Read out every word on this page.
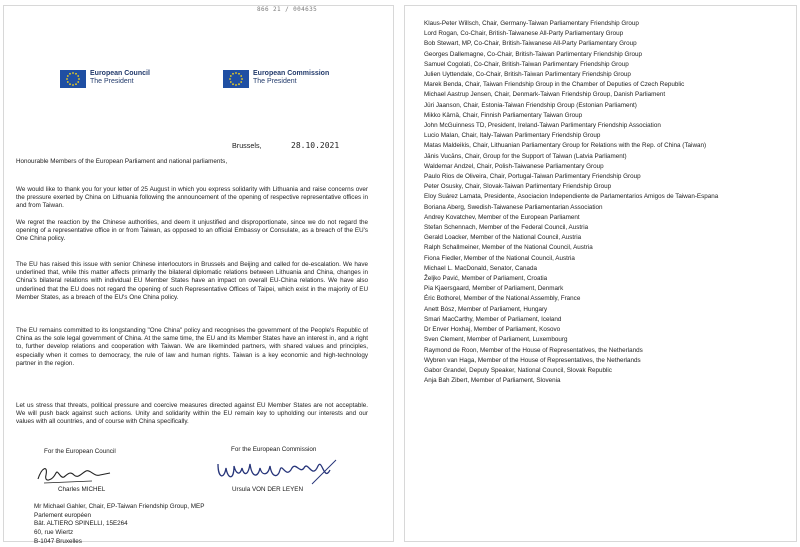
866 21 / 004635
European Council
The President
European Commission
The President
Brussels,	28.10.2021
Honourable Members of the European Parliament and national parliaments,
We would like to thank you for your letter of 25 August in which you express solidarity with Lithuania and raise concerns over the pressure exerted by China on Lithuania following the announcement of the opening of respective representative offices in and from Taiwan.
We regret the reaction by the Chinese authorities, and deem it unjustified and disproportionate, since we do not regard the opening of a representative office in or from Taiwan, as opposed to an official Embassy or Consulate, as a breach of the EU's One China policy.
The EU has raised this issue with senior Chinese interlocutors in Brussels and Beijing and called for de-escalation. We have underlined that, while this matter affects primarily the bilateral diplomatic relations between Lithuania and China, changes in China's bilateral relations with individual EU Member States have an impact on overall EU-China relations. We have also underlined that the EU does not regard the opening of such Representative Offices of Taipei, which exist in the majority of EU Member States, as a breach of the EU's One China policy.
The EU remains committed to its longstanding "One China" policy and recognises the government of the People's Republic of China as the sole legal government of China. At the same time, the EU and its Member States have an interest in, and a right to, further develop relations and cooperation with Taiwan. We are likeminded partners, with shared values and principles, especially when it comes to democracy, the rule of law and human rights. Taiwan is a key economic and high-technology partner in the region.
Let us stress that threats, political pressure and coercive measures directed against EU Member States are not acceptable. We will push back against such actions. Unity and solidarity within the EU remain key to upholding our interests and our values with all countries, and of course with China specifically.
For the European Council	For the European Commission
Charles MICHEL	Ursula VON DER LEYEN
Mr Michael Gahler, Chair, EP-Taiwan Friendship Group, MEP
Parlement européen
Bât. ALTIERO SPINELLI, 15E264
60, rue Wiertz
B-1047 Bruxelles
Klaus-Peter Willsch, Chair, Germany-Taiwan Parliamentary Friendship Group
Lord Rogan, Co-Chair, British-Taiwanese All-Party Parliamentary Group
Bob Stewart, MP, Co-Chair, British-Taiwanese All-Party Parliamentary Group
Georges Dallemagne, Co-Chair, British-Taiwan Parlimentary Friendship Group
Samuel Cogolati, Co-Chair, British-Taiwan Parlimentary Friendship Group
Julien Uyttendale, Co-Chair, British-Taiwan Parlimentary Friendship Group
Marek Benda, Chair, Taiwan Friendship Group in the Chamber of Deputies of Czech Republic
Michael Aastrup Jensen, Chair, Denmark-Taiwan Friendship Group, Danish Parliament
Jüri Jaanson, Chair, Estonia-Taiwan Friendship Group (Estonian Parliament)
Mikko Kärnä, Chair, Finnish Parliamentary Taiwan Group
John McGuinness TD, President, Ireland-Taiwan Parlimentary Friendship Association
Lucio Malan, Chair, Italy-Taiwan Parlimentary Friendship Group
Matas Maldeikis, Chair, Lithuanian Parliamentary Group for Relations with the Rep. of China (Taiwan)
Jānis Vucāns, Chair, Group for the Support of Taiwan (Latvia Parliament)
Waldemar Andzel, Chair, Polish-Taiwanese Parliamentary Group
Paulo Rios de Oliveira, Chair, Portugal-Taiwan Parlimentary Friendship Group
Peter Osusky, Chair, Slovak-Taiwan Parlimentary Friendship Group
Eloy Suárez Lamata, Presidente, Asociacion Independiente de Parlamentarios Amigos de Taiwan-Espana
Boriana Aberg, Swedish-Taiwanese Parliamentarian Association
Andrey Kovatchev, Member of the European Parliament
Stefan Schennach, Member of the Federal Council, Austria
Gerald Loacker, Member of the National Council, Austria
Ralph Schallmeiner, Member of the National Council, Austria
Fiona Fiedler, Member of the National Council, Austria
Michael L. MacDonald, Senator, Canada
Željko Pavić, Member of Parliament, Croatia
Pia Kjaersgaard, Member of Parliament, Denmark
Éric Bothorel, Member of the National Assembly, France
Anett Bósz, Member of Parliament, Hungary
Smari MacCarthy, Member of Parliament, Iceland
Dr Enver Hoxhaj, Member of Parliament, Kosovo
Sven Clement, Member of Parliament, Luxembourg
Raymond de Roon, Member of the House of Representatives, the Netherlands
Wybren van Haga, Member of the House of Representatives, the Netherlands
Gabor Grandel, Deputy Speaker, National Council, Slovak Republic
Anja Bah Zibert, Member of Parliament, Slovenia
